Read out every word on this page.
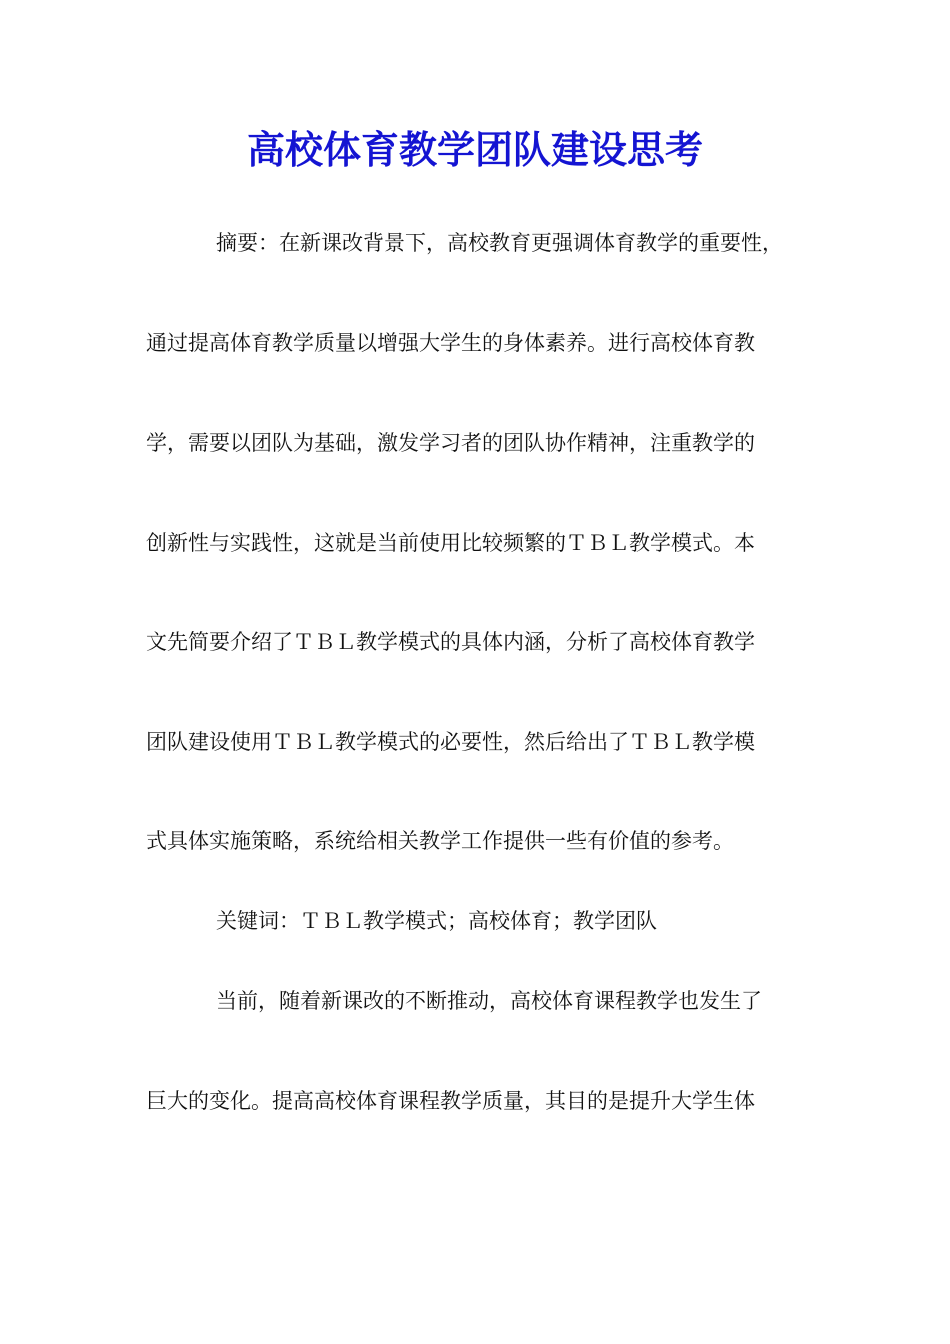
高校体育教学团队建设思考

摘要：在新课改背景下，高校教育更强调体育教学的重要性，

通过提高体育教学质量以增强大学生的身体素养。进行高校体育教

学，需要以团队为基础，激发学习者的团队协作精神，注重教学的

创新性与实践性，这就是当前使用比较频繁的ＴＢＬ教学模式。本

文先简要介绍了ＴＢＬ教学模式的具体内涵，分析了高校体育教学

团队建设使用ＴＢＬ教学模式的必要性，然后给出了ＴＢＬ教学模

式具体实施策略，系统给相关教学工作提供一些有价值的参考。

关键词：ＴＢＬ教学模式；高校体育；教学团队

当前，随着新课改的不断推动，高校体育课程教学也发生了

巨大的变化。提高高校体育课程教学质量，其目的是提升大学生体
